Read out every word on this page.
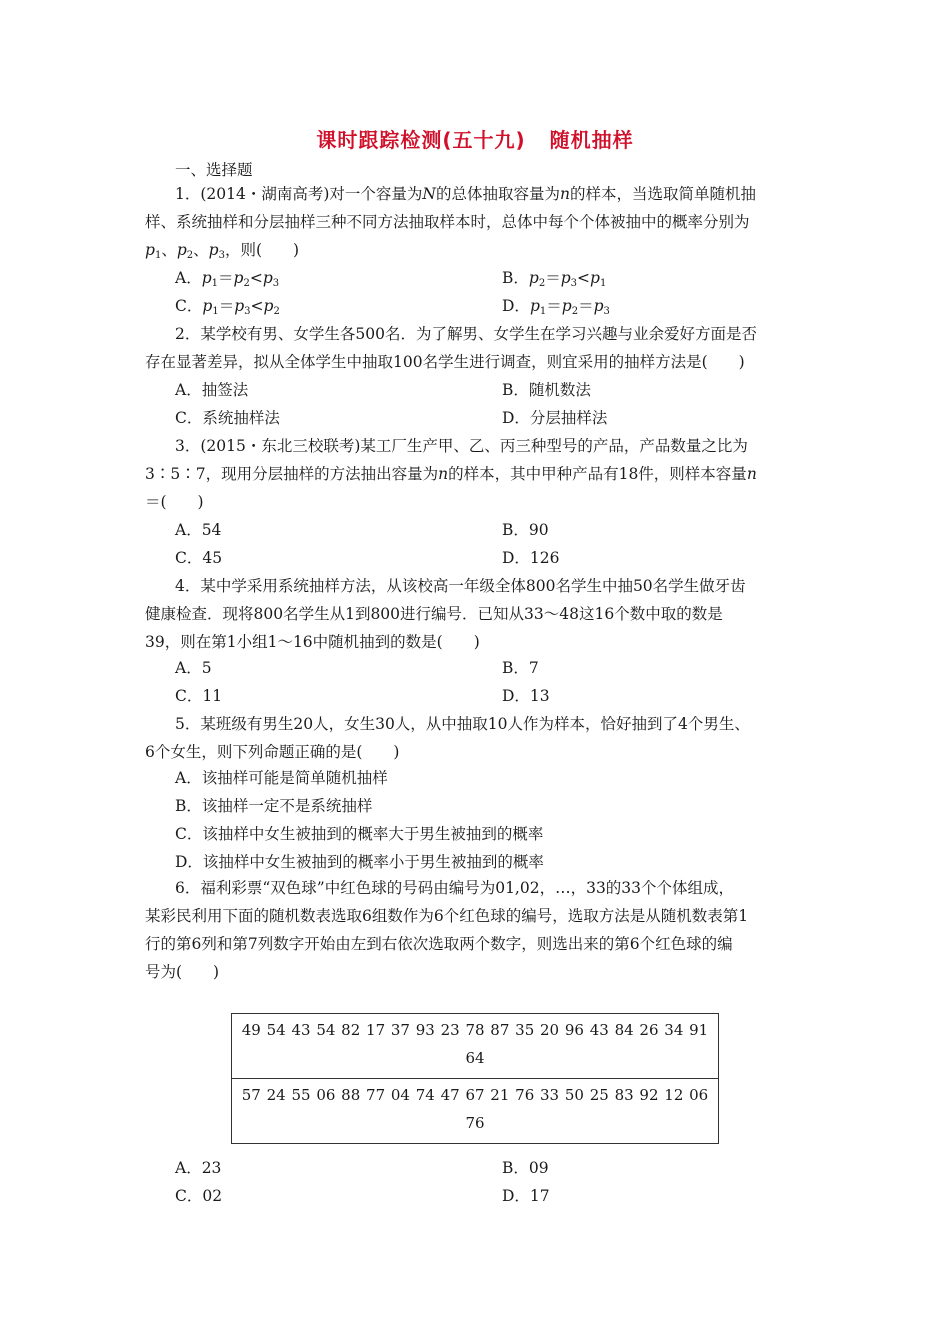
课时跟踪检测(五十九) 随机抽样
一、选择题
1．(2014・湖南高考)对一个容量为N的总体抽取容量为n的样本，当选取简单随机抽
样、系统抽样和分层抽样三种不同方法抽取样本时，总体中每个个体被抽中的概率分别为
$p_1$、$p_2$、$p_3$，则(　　)
A．$p_1=p_2<p_3$	B．$p_2=p_3<p_1$
C．$p_1=p_3<p_2$	D．$p_1=p_2=p_3$
2．某学校有男、女学生各500名．为了解男、女学生在学习兴趣与业余爱好方面是否
存在显著差异，拟从全体学生中抽取100名学生进行调查，则宜采用的抽样方法是(　　)
A．抽签法	B．随机数法
C．系统抽样法	D．分层抽样法
3．(2015・东北三校联考)某工厂生产甲、乙、丙三种型号的产品，产品数量之比为
3∶5∶7，现用分层抽样的方法抽出容量为n的样本，其中甲种产品有18件，则样本容量n
＝(　　)
A．54	B．90
C．45	D．126
4．某中学采用系统抽样方法，从该校高一年级全体800名学生中抽50名学生做牙齿
健康检查．现将800名学生从1到800进行编号．已知从33～48这16个数中取的数是
39，则在第1小组1～16中随机抽到的数是(　　)
A．5	B．7
C．11	D．13
5．某班级有男生20人，女生30人，从中抽取10人作为样本，恰好抽到了4个男生、
6个女生，则下列命题正确的是(　　)
A．该抽样可能是简单随机抽样
B．该抽样一定不是系统抽样
C．该抽样中女生被抽到的概率大于男生被抽到的概率
D．该抽样中女生被抽到的概率小于男生被抽到的概率
6．福利彩票“双色球”中红色球的号码由编号为01,02，…，33的33个个体组成，
某彩民利用下面的随机数表选取6组数作为6个红色球的编号，选取方法是从随机数表第1
行的第6列和第7列数字开始由左到右依次选取两个数字，则选出来的第6个红色球的编
号为(　　)
49 54 43 54 82 17 37 93 23 78 87 35 20 96 43 84 26 34 91
64

57 24 55 06 88 77 04 74 47 67 21 76 33 50 25 83 92 12 06
76
A．23	B．09
C．02	D．17
